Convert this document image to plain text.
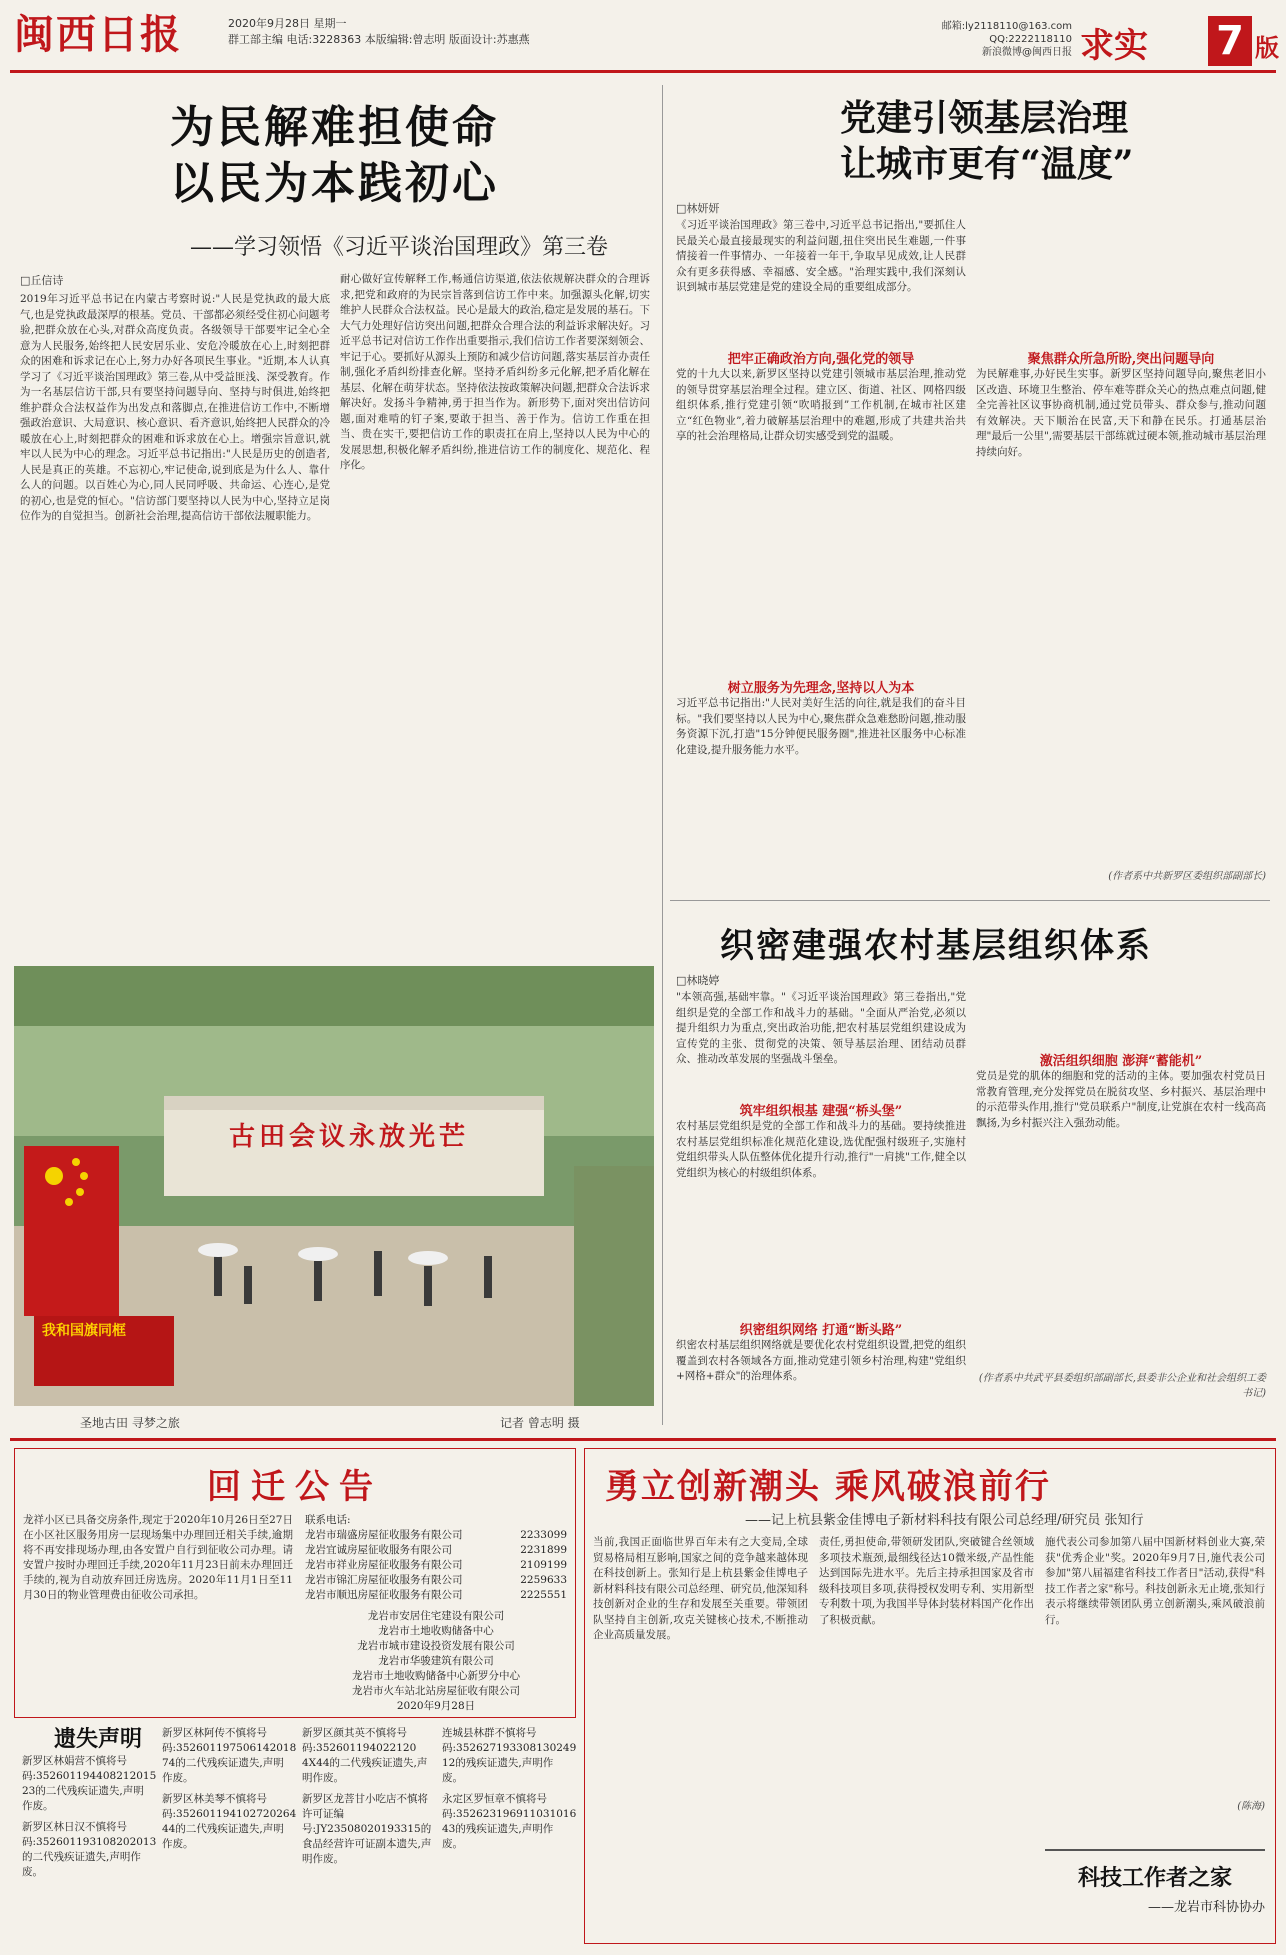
闽西日报	2020年9月28日 星期一
群工部主编 电话:3228363 本版编辑:曾志明 版面设计:苏惠燕
邮箱:ly2118110@163.com
QQ:2222118110
新浪微博@闽西日报 求实 7 版
为民解难担使命
以民为本践初心
——学习领悟《习近平谈治国理政》第三卷
□丘信诗
2019年习近平总书记在内蒙古考察时说:"人民是党执政的最大底气,也是党执政最深厚的根基。党员、干部都必须经受住初心问题考验,把群众放在心头,对群众高度负责。各级领导干部要牢记全心全意为人民服务,始终把人民安居乐业、安危冷暖放在心上,时刻把群众的困难和诉求记在心上,努力办好各项民生事业。"近期,本人认真学习了《习近平谈治国理政》第三卷,从中受益匪浅、深受教育。作为一名基层信访干部,只有要坚持问题导向、坚持与时俱进,始终把维护群众合法权益作为出发点和落脚点,在推进信访工作中,不断增强政治意识、大局意识、核心意识、看齐意识,始终把人民群众的冷暖放在心上,时刻把群众的困难和诉求放在心上。增强宗旨意识,就牢以人民为中心的理念。习近平总书记指出:"人民是历史的创造者,人民是真正的英雄。不忘初心,牢记使命,说到底是为什么人、靠什么人的问题。以百姓心为心,同人民同呼吸、共命运、心连心,是党的初心,也是党的恒心。"信访部门要坚持以人民为中心,坚持立足岗位作为的自觉担当。创新社会治理,提高信访干部依法履职能力。
耐心做好宣传解释工作,畅通信访渠道,依法依规解决群众的合理诉求,把党和政府的为民宗旨落到信访工作中来。加强源头化解,切实维护人民群众合法权益。民心是最大的政治,稳定是发展的基石。下大气力处理好信访突出问题,把群众合理合法的利益诉求解决好。习近平总书记对信访工作作出重要指示,我们信访工作者要深刻领会、牢记于心。要抓好从源头上预防和减少信访问题,落实基层首办责任制,强化矛盾纠纷排查化解。坚持矛盾纠纷多元化解,把矛盾化解在基层、化解在萌芽状态。坚持依法按政策解决问题,把群众合法诉求解决好。发扬斗争精神,勇于担当作为。新形势下,面对突出信访问题,面对难啃的钉子案,要敢于担当、善于作为。信访工作重在担当、贵在实干,要把信访工作的职责扛在肩上,坚持以人民为中心的发展思想,积极化解矛盾纠纷,推进信访工作的制度化、规范化、程序化。
古田会议永放光芒
我和国旗同框
圣地古田 寻梦之旅	记者 曾志明 摄
党建引领基层治理
让城市更有“温度”
□林妍妍
《习近平谈治国理政》第三卷中,习近平总书记指出,"要抓住人民最关心最直接最现实的利益问题,扭住突出民生难题,一件事情接着一件事情办、一年接着一年干,争取早见成效,让人民群众有更多获得感、幸福感、安全感。"治理实践中,我们深刻认识到城市基层党建是党的建设全局的重要组成部分。
把牢正确政治方向,强化党的领导
党的十九大以来,新罗区坚持以党建引领城市基层治理,推动党的领导贯穿基层治理全过程。建立区、街道、社区、网格四级组织体系,推行党建引领“吹哨报到”工作机制,在城市社区建立“红色物业”,着力破解基层治理中的难题,形成了共建共治共享的社会治理格局,让群众切实感受到党的温暖。
树立服务为先理念,坚持以人为本
习近平总书记指出:"人民对美好生活的向往,就是我们的奋斗目标。"我们要坚持以人民为中心,聚焦群众急难愁盼问题,推动服务资源下沉,打造"15分钟便民服务圈",推进社区服务中心标准化建设,提升服务能力水平。
聚焦群众所急所盼,突出问题导向
为民解难事,办好民生实事。新罗区坚持问题导向,聚焦老旧小区改造、环境卫生整治、停车难等群众关心的热点难点问题,健全完善社区议事协商机制,通过党员带头、群众参与,推动问题有效解决。天下顺治在民富,天下和静在民乐。打通基层治理"最后一公里",需要基层干部练就过硬本领,推动城市基层治理持续向好。
(作者系中共新罗区委组织部副部长)
织密建强农村基层组织体系
□林晓婷
"本领高强,基础牢靠。"《习近平谈治国理政》第三卷指出,"党组织是党的全部工作和战斗力的基础。"全面从严治党,必须以提升组织力为重点,突出政治功能,把农村基层党组织建设成为宣传党的主张、贯彻党的决策、领导基层治理、团结动员群众、推动改革发展的坚强战斗堡垒。
筑牢组织根基 建强“桥头堡”
农村基层党组织是党的全部工作和战斗力的基础。要持续推进农村基层党组织标准化规范化建设,选优配强村级班子,实施村党组织带头人队伍整体优化提升行动,推行"一肩挑"工作,健全以党组织为核心的村级组织体系。
织密组织网络 打通“断头路”
织密农村基层组织网络就是要优化农村党组织设置,把党的组织覆盖到农村各领域各方面,推动党建引领乡村治理,构建"党组织+网格+群众"的治理体系。
激活组织细胞 澎湃“蓄能机”
党员是党的肌体的细胞和党的活动的主体。要加强农村党员日常教育管理,充分发挥党员在脱贫攻坚、乡村振兴、基层治理中的示范带头作用,推行"党员联系户"制度,让党旗在农村一线高高飘扬,为乡村振兴注入强劲动能。
(作者系中共武平县委组织部副部长,县委非公企业和社会组织工委书记)
回迁公告
龙祥小区已具备交房条件,现定于2020年10月26日至27日在小区社区服务用房一层现场集中办理回迁相关手续,逾期将不再安排现场办理,由各安置户自行到征收公司办理。请安置户按时办理回迁手续,2020年11月23日前未办理回迁手续的,视为自动放弃回迁房选房。2020年11月1日至11月30日的物业管理费由征收公司承担。
联系电话:
龙岩市瑞盛房屋征收服务有限公司	2233099
龙岩宜诚房屋征收服务有限公司	2231899
龙岩市祥业房屋征收服务有限公司	2109199
龙岩市锦汇房屋征收服务有限公司	2259633
龙岩市顺迅房屋征收服务有限公司	2225551
龙岩市安居住宅建设有限公司
龙岩市土地收购储备中心
龙岩市城市建设投资发展有限公司
龙岩市华骏建筑有限公司
龙岩市土地收购储备中心新罗分中心
龙岩市火车站北站房屋征收有限公司
2020年9月28日
遗失声明
新罗区林娟营不慎将号码:352601194408212015 23的二代残疾证遗失,声明作废。
新罗区林日汉不慎将号码:352601193108202013的二代残疾证遗失,声明作废。
新罗区林阿传不慎将号码:352601197506142018 74的二代残疾证遗失,声明作废。
新罗区林美琴不慎将号码:352601194102720264 44的二代残疾证遗失,声明作废。
新罗区颜其英不慎将号码:352601194022120 4X44的二代残疾证遗失,声明作废。
新罗区龙菩甘小吃店不慎将许可证编号:JY23508020193315的食品经营许可证副本遗失,声明作废。
连城县林群不慎将号码:352627193308130249 12的残疾证遗失,声明作废。
永定区罗恒章不慎将号码:352623196911031016 43的残疾证遗失,声明作废。
勇立创新潮头 乘风破浪前行
——记上杭县紫金佳博电子新材料科技有限公司总经理/研究员 张知行
当前,我国正面临世界百年未有之大变局,全球贸易格局相互影响,国家之间的竞争越来越体现在科技创新上。张知行是上杭县紫金佳博电子新材料科技有限公司总经理、研究员,他深知科技创新对企业的生存和发展至关重要。带领团队坚持自主创新,攻克关键核心技术,不断推动企业高质量发展。
责任,勇担使命,带领研发团队,突破键合丝领域多项技术瓶颈,最细线径达10微米级,产品性能达到国际先进水平。先后主持承担国家及省市级科技项目多项,获得授权发明专利、实用新型专利数十项,为我国半导体封装材料国产化作出了积极贡献。
施代表公司参加第八届中国新材料创业大赛,荣获"优秀企业"奖。2020年9月7日,施代表公司参加"第八届福建省科技工作者日"活动,获得"科技工作者之家"称号。科技创新永无止境,张知行表示将继续带领团队勇立创新潮头,乘风破浪前行。
(陈海)
科技工作者之家
——龙岩市科协协办
